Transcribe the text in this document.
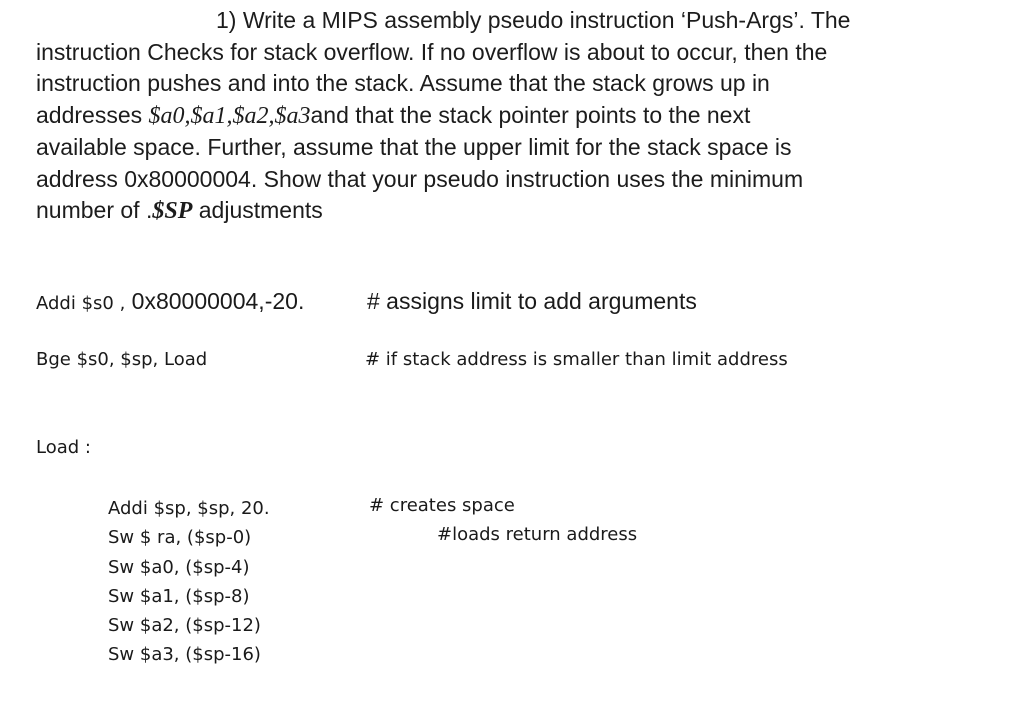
1) Write a MIPS assembly pseudo instruction ‘Push-Args’. The
instruction Checks for stack overflow. If no overflow is about to occur, then the
instruction pushes and into the stack. Assume that the stack grows up in
addresses $a0,$a1,$a2,$a3and that the stack pointer points to the next
available space. Further, assume that the upper limit for the stack space is
address 0x80000004. Show that your pseudo instruction uses the minimum
number of .$SP adjustments
Addi $s0 , 0x80000004,-20.	# assigns limit to add arguments
Bge $s0, $sp, Load	# if stack address is smaller than limit address
Load :
Addi $sp, $sp, 20.
Sw $ ra, ($sp-0)
Sw $a0, ($sp-4)
Sw $a1, ($sp-8)
Sw $a2, ($sp-12)
Sw $a3, ($sp-16)
# creates space
#loads return address
